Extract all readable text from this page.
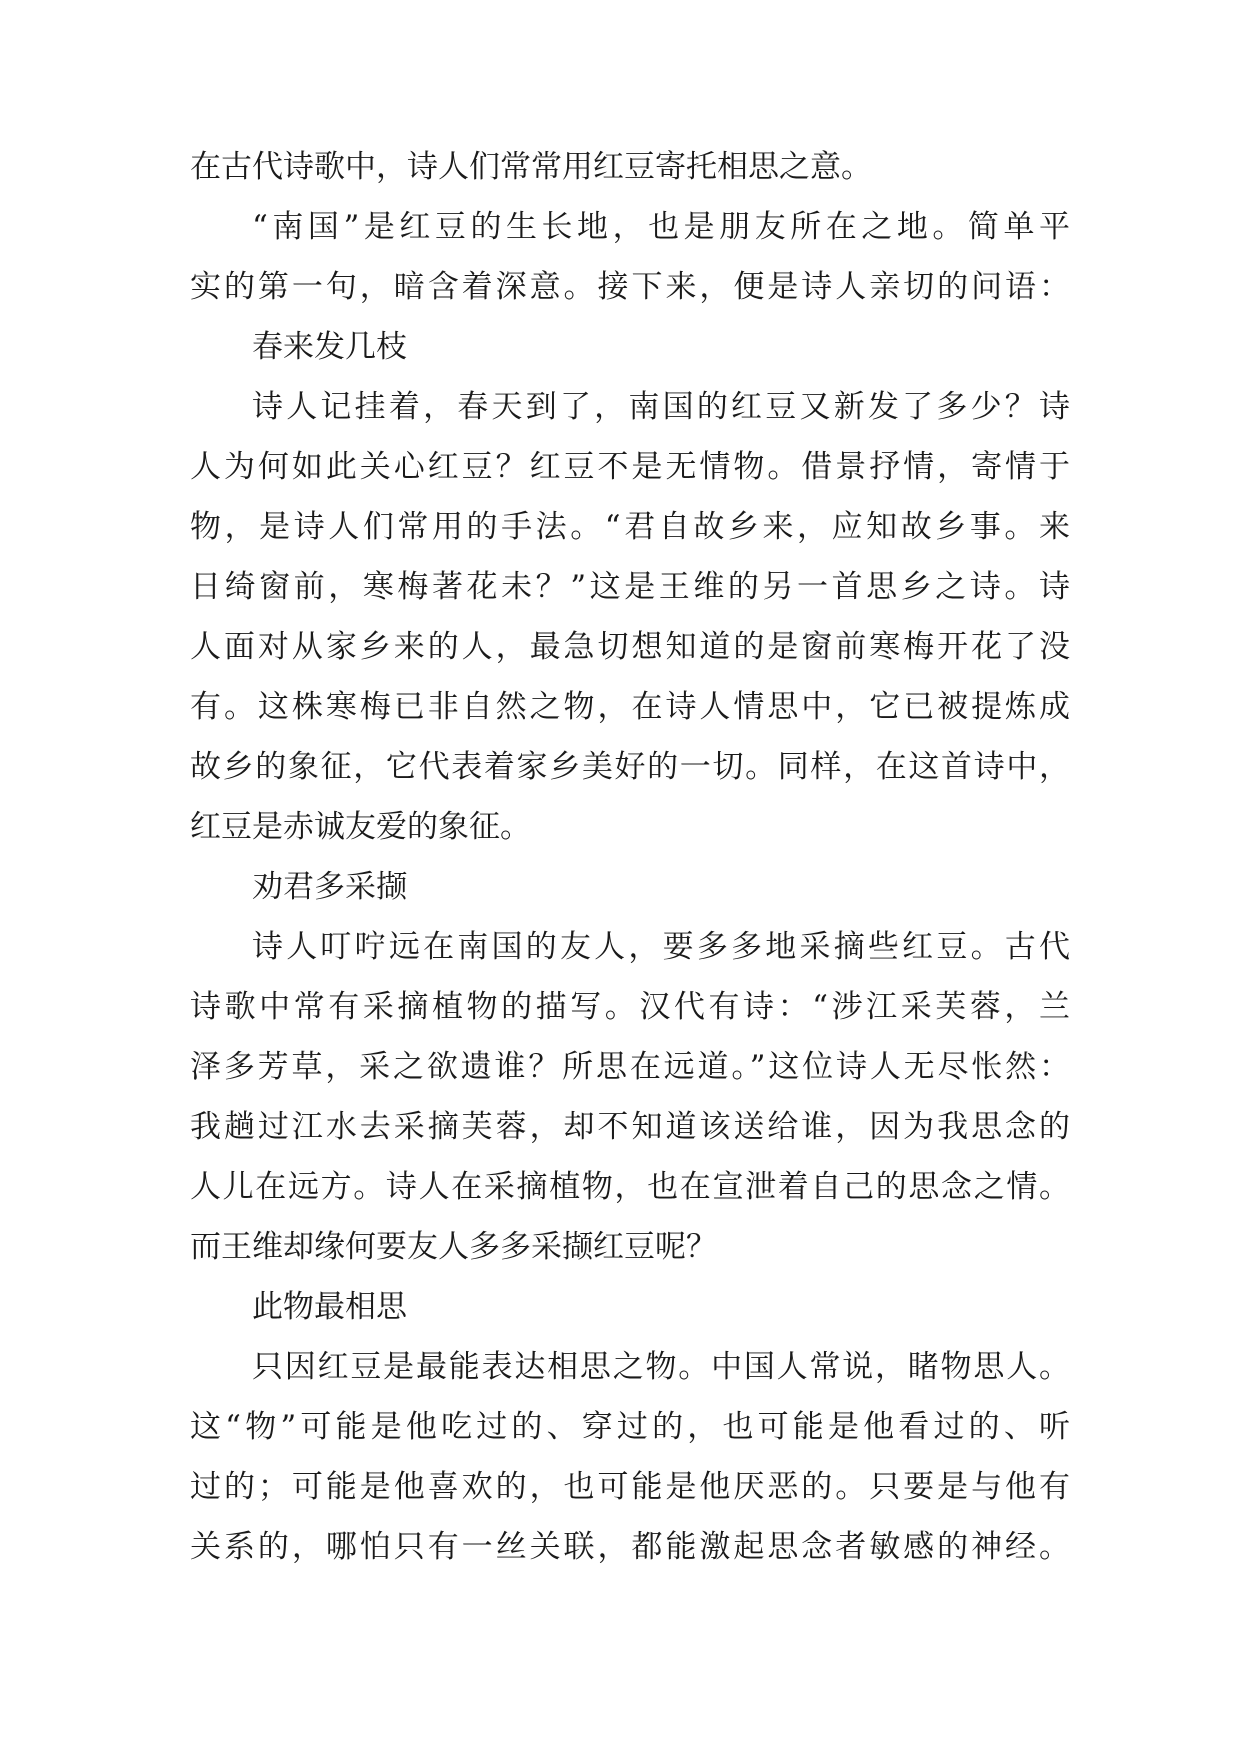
在古代诗歌中，诗人们常常用红豆寄托相思之意。
“南国”是红豆的生长地，也是朋友所在之地。简单平
实的第一句，暗含着深意。接下来，便是诗人亲切的问语：
春来发几枝
诗人记挂着，春天到了，南国的红豆又新发了多少？诗
人为何如此关心红豆？红豆不是无情物。借景抒情，寄情于
物，是诗人们常用的手法。“君自故乡来，应知故乡事。来
日绮窗前，寒梅著花未？”这是王维的另一首思乡之诗。诗
人面对从家乡来的人，最急切想知道的是窗前寒梅开花了没
有。这株寒梅已非自然之物，在诗人情思中，它已被提炼成
故乡的象征，它代表着家乡美好的一切。同样，在这首诗中，
红豆是赤诚友爱的象征。
劝君多采撷
诗人叮咛远在南国的友人，要多多地采摘些红豆。古代
诗歌中常有采摘植物的描写。汉代有诗：“涉江采芙蓉，兰
泽多芳草，采之欲遗谁？所思在远道。”这位诗人无尽怅然：
我趟过江水去采摘芙蓉，却不知道该送给谁，因为我思念的
人儿在远方。诗人在采摘植物，也在宣泄着自己的思念之情。
而王维却缘何要友人多多采撷红豆呢？
此物最相思
只因红豆是最能表达相思之物。中国人常说，睹物思人。
这“物”可能是他吃过的、穿过的，也可能是他看过的、听
过的；可能是他喜欢的，也可能是他厌恶的。只要是与他有
关系的，哪怕只有一丝关联，都能激起思念者敏感的神经。
